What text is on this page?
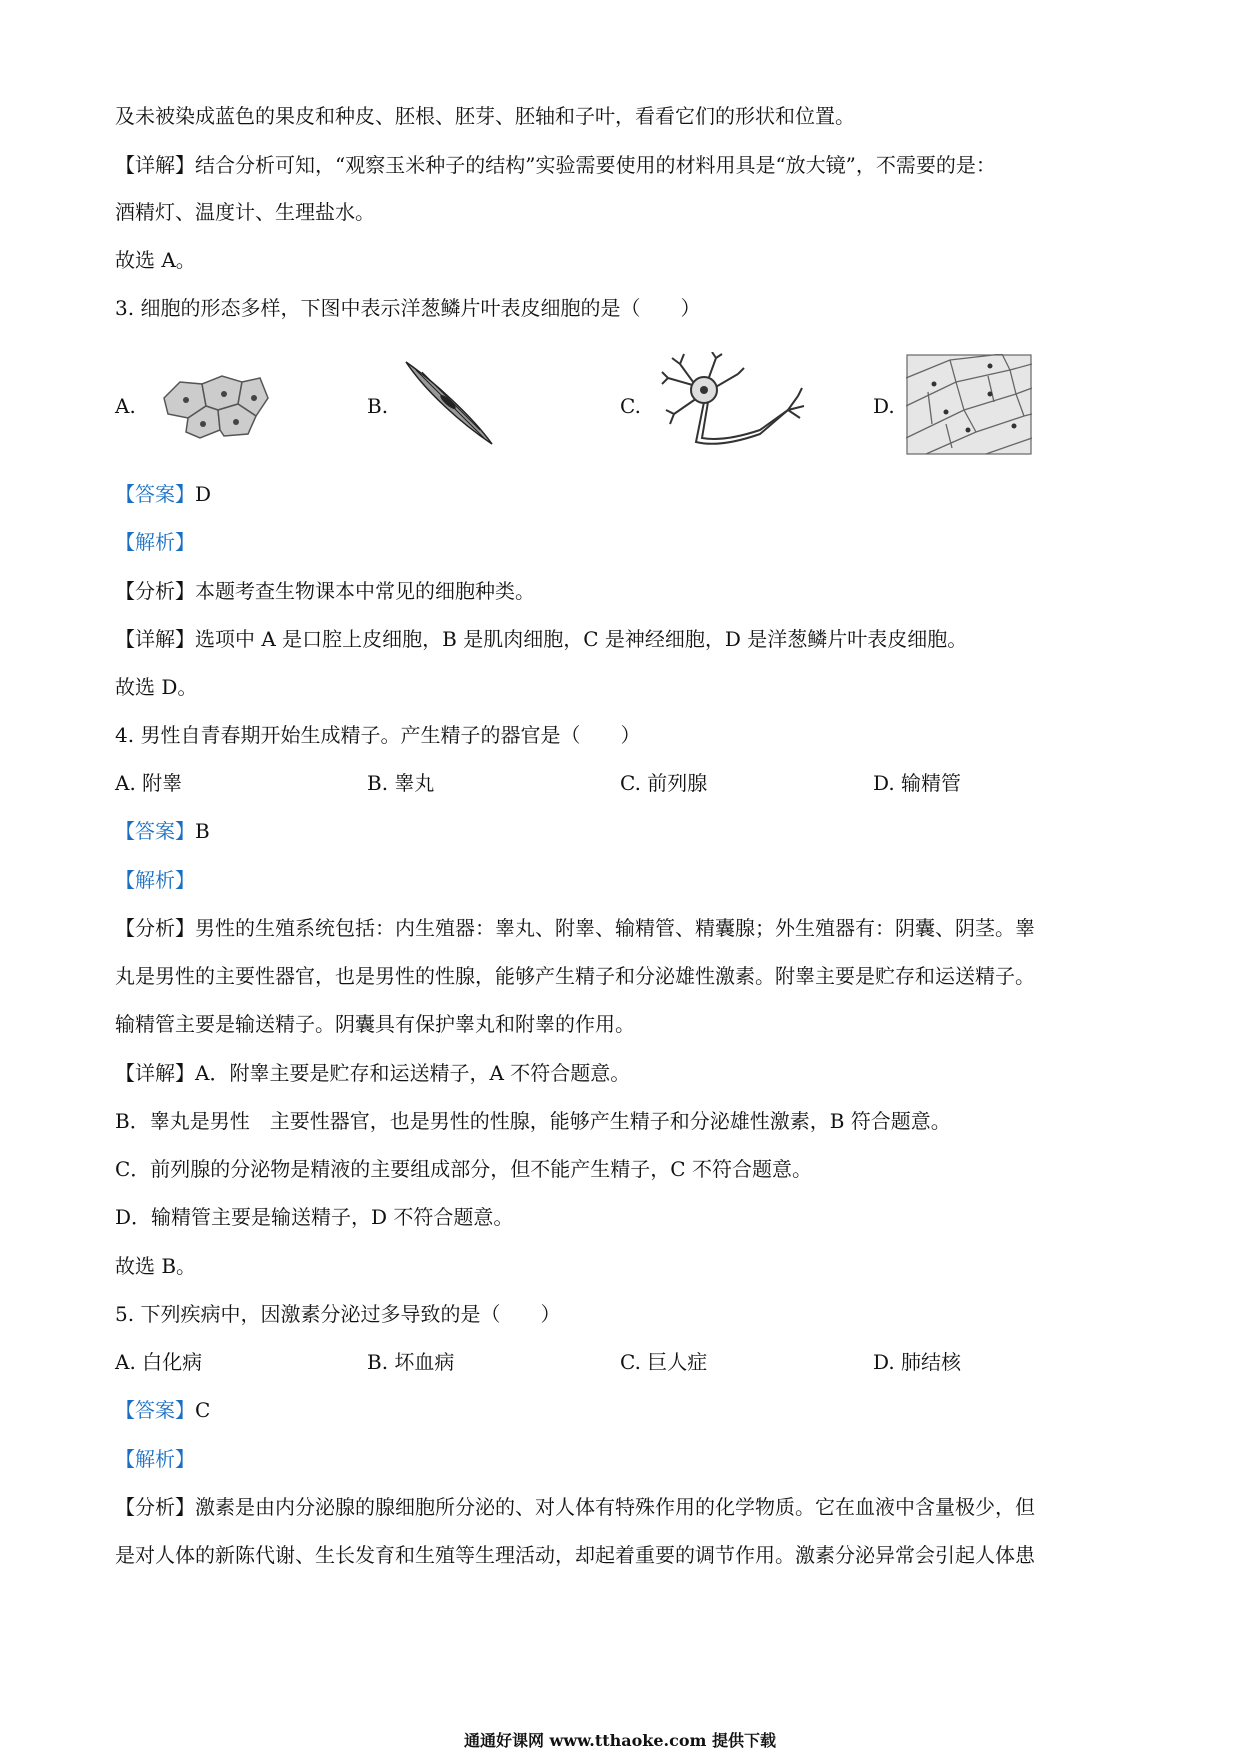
及未被染成蓝色的果皮和种皮、胚根、胚芽、胚轴和子叶，看看它们的形状和位置。
【详解】结合分析可知，“观察玉米种子的结构”实验需要使用的材料用具是“放大镜”，不需要的是：
酒精灯、温度计、生理盐水。
故选 A。
3. 细胞的形态多样，下图中表示洋葱鳞片叶表皮细胞的是（　　）
A.	B.	C.	D.
【答案】D
【解析】
【分析】本题考查生物课本中常见的细胞种类。
【详解】选项中 A 是口腔上皮细胞，B 是肌肉细胞，C 是神经细胞，D 是洋葱鳞片叶表皮细胞。
故选 D。
4. 男性自青春期开始生成精子。产生精子的器官是（　　）
A. 附睾	B. 睾丸	C. 前列腺	D. 输精管
【答案】B
【解析】
【分析】男性的生殖系统包括：内生殖器：睾丸、附睾、输精管、精囊腺；外生殖器有：阴囊、阴茎。睾
丸是男性的主要性器官，也是男性的性腺，能够产生精子和分泌雄性激素。附睾主要是贮存和运送精子。
输精管主要是输送精子。阴囊具有保护睾丸和附睾的作用。
【详解】A．附睾主要是贮存和运送精子，A 不符合题意。
B．睾丸是男性　主要性器官，也是男性的性腺，能够产生精子和分泌雄性激素，B 符合题意。
C．前列腺的分泌物是精液的主要组成部分，但不能产生精子，C 不符合题意。
D．输精管主要是输送精子，D 不符合题意。
故选 B。
5. 下列疾病中，因激素分泌过多导致的是（　　）
A. 白化病	B. 坏血病	C. 巨人症	D. 肺结核
【答案】C
【解析】
【分析】激素是由内分泌腺的腺细胞所分泌的、对人体有特殊作用的化学物质。它在血液中含量极少，但
是对人体的新陈代谢、生长发育和生殖等生理活动，却起着重要的调节作用。激素分泌异常会引起人体患
通通好课网 www.tthaoke.com 提供下载
